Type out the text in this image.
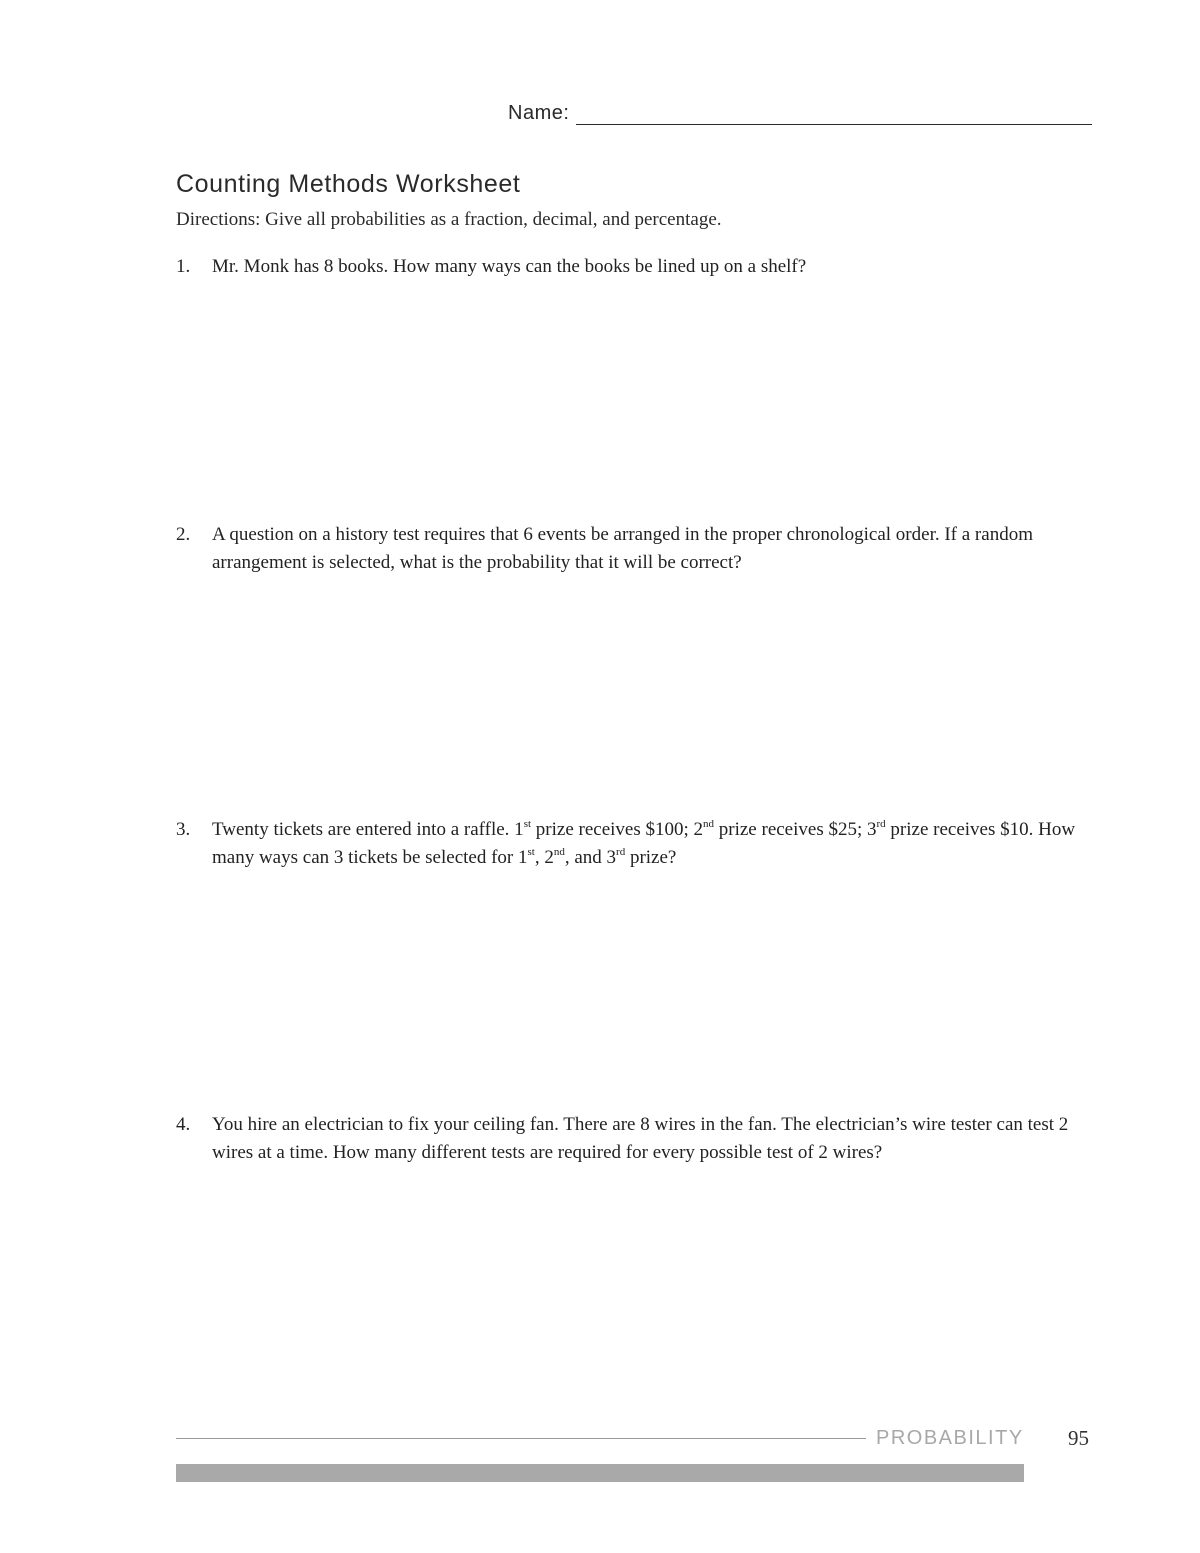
Name:
Counting Methods Worksheet
Directions: Give all probabilities as a fraction, decimal, and percentage.
1.	Mr. Monk has 8 books. How many ways can the books be lined up on a shelf?
2.	A question on a history test requires that 6 events be arranged in the proper chronological order. If a random arrangement is selected, what is the probability that it will be correct?
3.	Twenty tickets are entered into a raffle. 1st prize receives $100; 2nd prize receives $25; 3rd prize receives $10. How many ways can 3 tickets be selected for 1st, 2nd, and 3rd prize?
4.	You hire an electrician to fix your ceiling fan. There are 8 wires in the fan. The electrician’s wire tester can test 2 wires at a time. How many different tests are required for every possible test of 2 wires?
PROBABILITY 95
